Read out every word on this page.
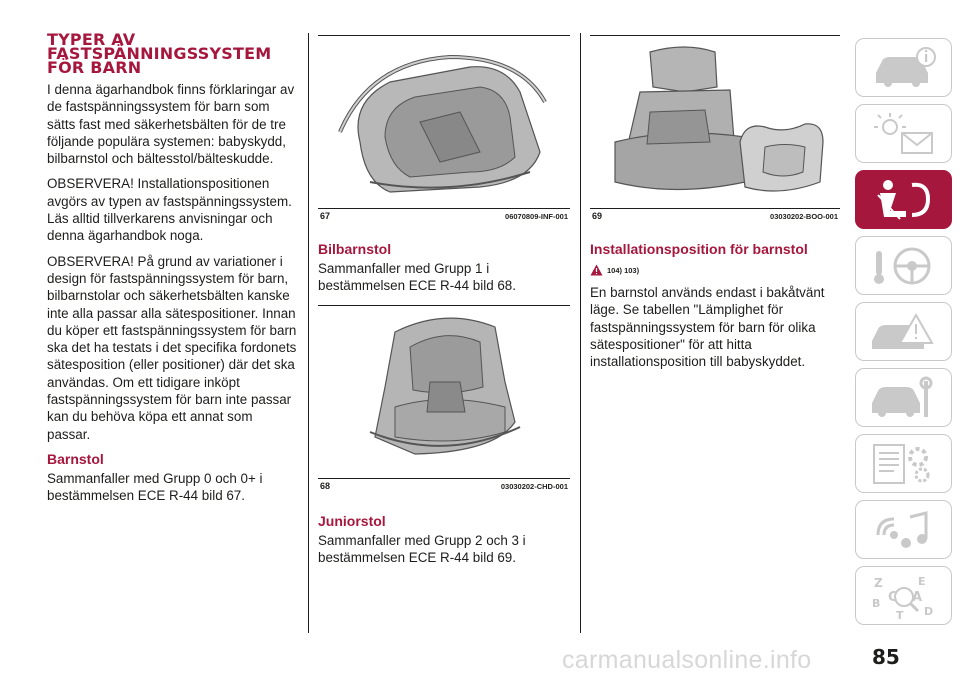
TYPER AV
FASTSPÄNNINGSSYSTEM
FÖR BARN

I denna ägarhandbok finns förklaringar av de fastspänningssystem för barn som sätts fast med säkerhetsbälten för de tre följande populära systemen: babyskydd, bilbarnstol och bältesstol/bälteskudde.

OBSERVERA! Installationspositionen avgörs av typen av fastspänningssystem. Läs alltid tillverkarens anvisningar och denna ägarhandbok noga.

OBSERVERA! På grund av variationer i design för fastspänningssystem för barn, bilbarnstolar och säkerhetsbälten kanske inte alla passar alla sätespositioner. Innan du köper ett fastspänningssystem för barn ska det ha testats i det specifika fordonets sätesposition (eller positioner) där det ska användas. Om ett tidigare inköpt fastspänningssystem för barn inte passar kan du behöva köpa ett annat som passar.

Barnstol

Sammanfaller med Grupp 0 och 0+ i bestämmelsen ECE R-44 bild 67.

67	06070809-INF-001

Bilbarnstol

Sammanfaller med Grupp 1 i bestämmelsen ECE R-44 bild 68.

68	03030202-CHD-001

Juniorstol

Sammanfaller med Grupp 2 och 3 i bestämmelsen ECE R-44 bild 69.

69	03030202-BOO-001

Installationsposition för barnstol

104) 103)

En barnstol används endast i bakåtvänt läge. Se tabellen "Lämplighet för fastspänningssystem för barn för olika sätespositioner" för att hitta installationsposition till babyskyddet.

Z	E
B C A
D
T
85
carmanualsonline.info
